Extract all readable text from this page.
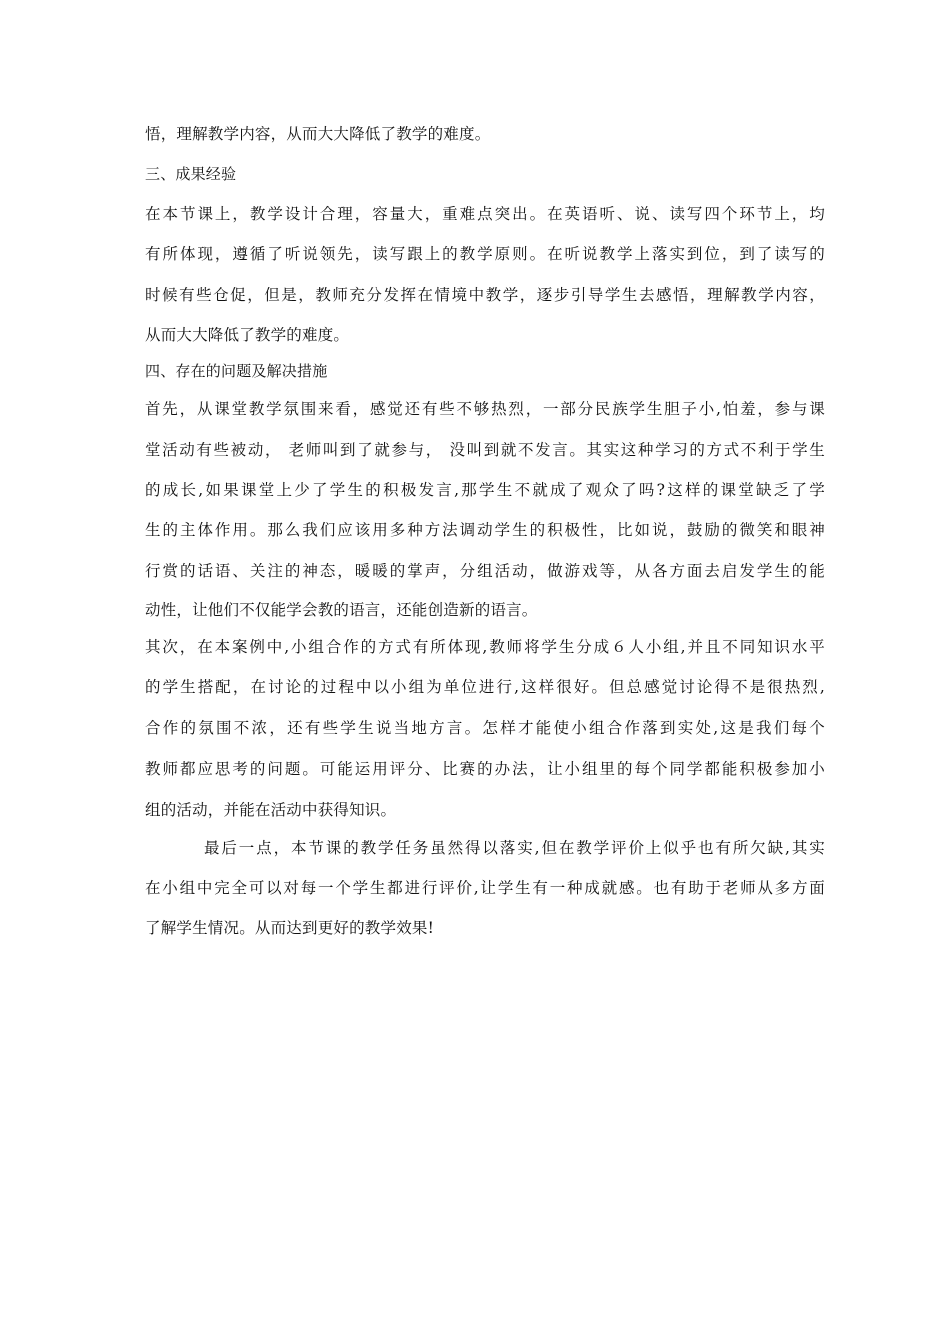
悟，理解教学内容，从而大大降低了教学的难度。
三、成果经验
在本节课上，教学设计合理，容量大，重难点突出。在英语听、说、读写四个环节上，均
有所体现，遵循了听说领先，读写跟上的教学原则。在听说教学上落实到位，到了读写的
时候有些仓促，但是，教师充分发挥在情境中教学，逐步引导学生去感悟，理解教学内容，
从而大大降低了教学的难度。
四、存在的问题及解决措施
首先，从课堂教学氛围来看，感觉还有些不够热烈，一部分民族学生胆子小,怕羞，参与课
堂活动有些被动， 老师叫到了就参与， 没叫到就不发言。其实这种学习的方式不利于学生
的成长,如果课堂上少了学生的积极发言,那学生不就成了观众了吗?这样的课堂缺乏了学
生的主体作用。那么我们应该用多种方法调动学生的积极性，比如说，鼓励的微笑和眼神
行赏的话语、关注的神态，暖暖的掌声，分组活动，做游戏等，从各方面去启发学生的能
动性，让他们不仅能学会教的语言，还能创造新的语言。
其次，在本案例中,小组合作的方式有所体现,教师将学生分成６人小组,并且不同知识水平
的学生搭配，在讨论的过程中以小组为单位进行,这样很好。但总感觉讨论得不是很热烈,
合作的氛围不浓，还有些学生说当地方言。怎样才能使小组合作落到实处,这是我们每个
教师都应思考的问题。可能运用评分、比赛的办法，让小组里的每个同学都能积极参加小
组的活动，并能在活动中获得知识。
最后一点，本节课的教学任务虽然得以落实,但在教学评价上似乎也有所欠缺,其实
在小组中完全可以对每一个学生都进行评价,让学生有一种成就感。也有助于老师从多方面
了解学生情况。从而达到更好的教学效果!
